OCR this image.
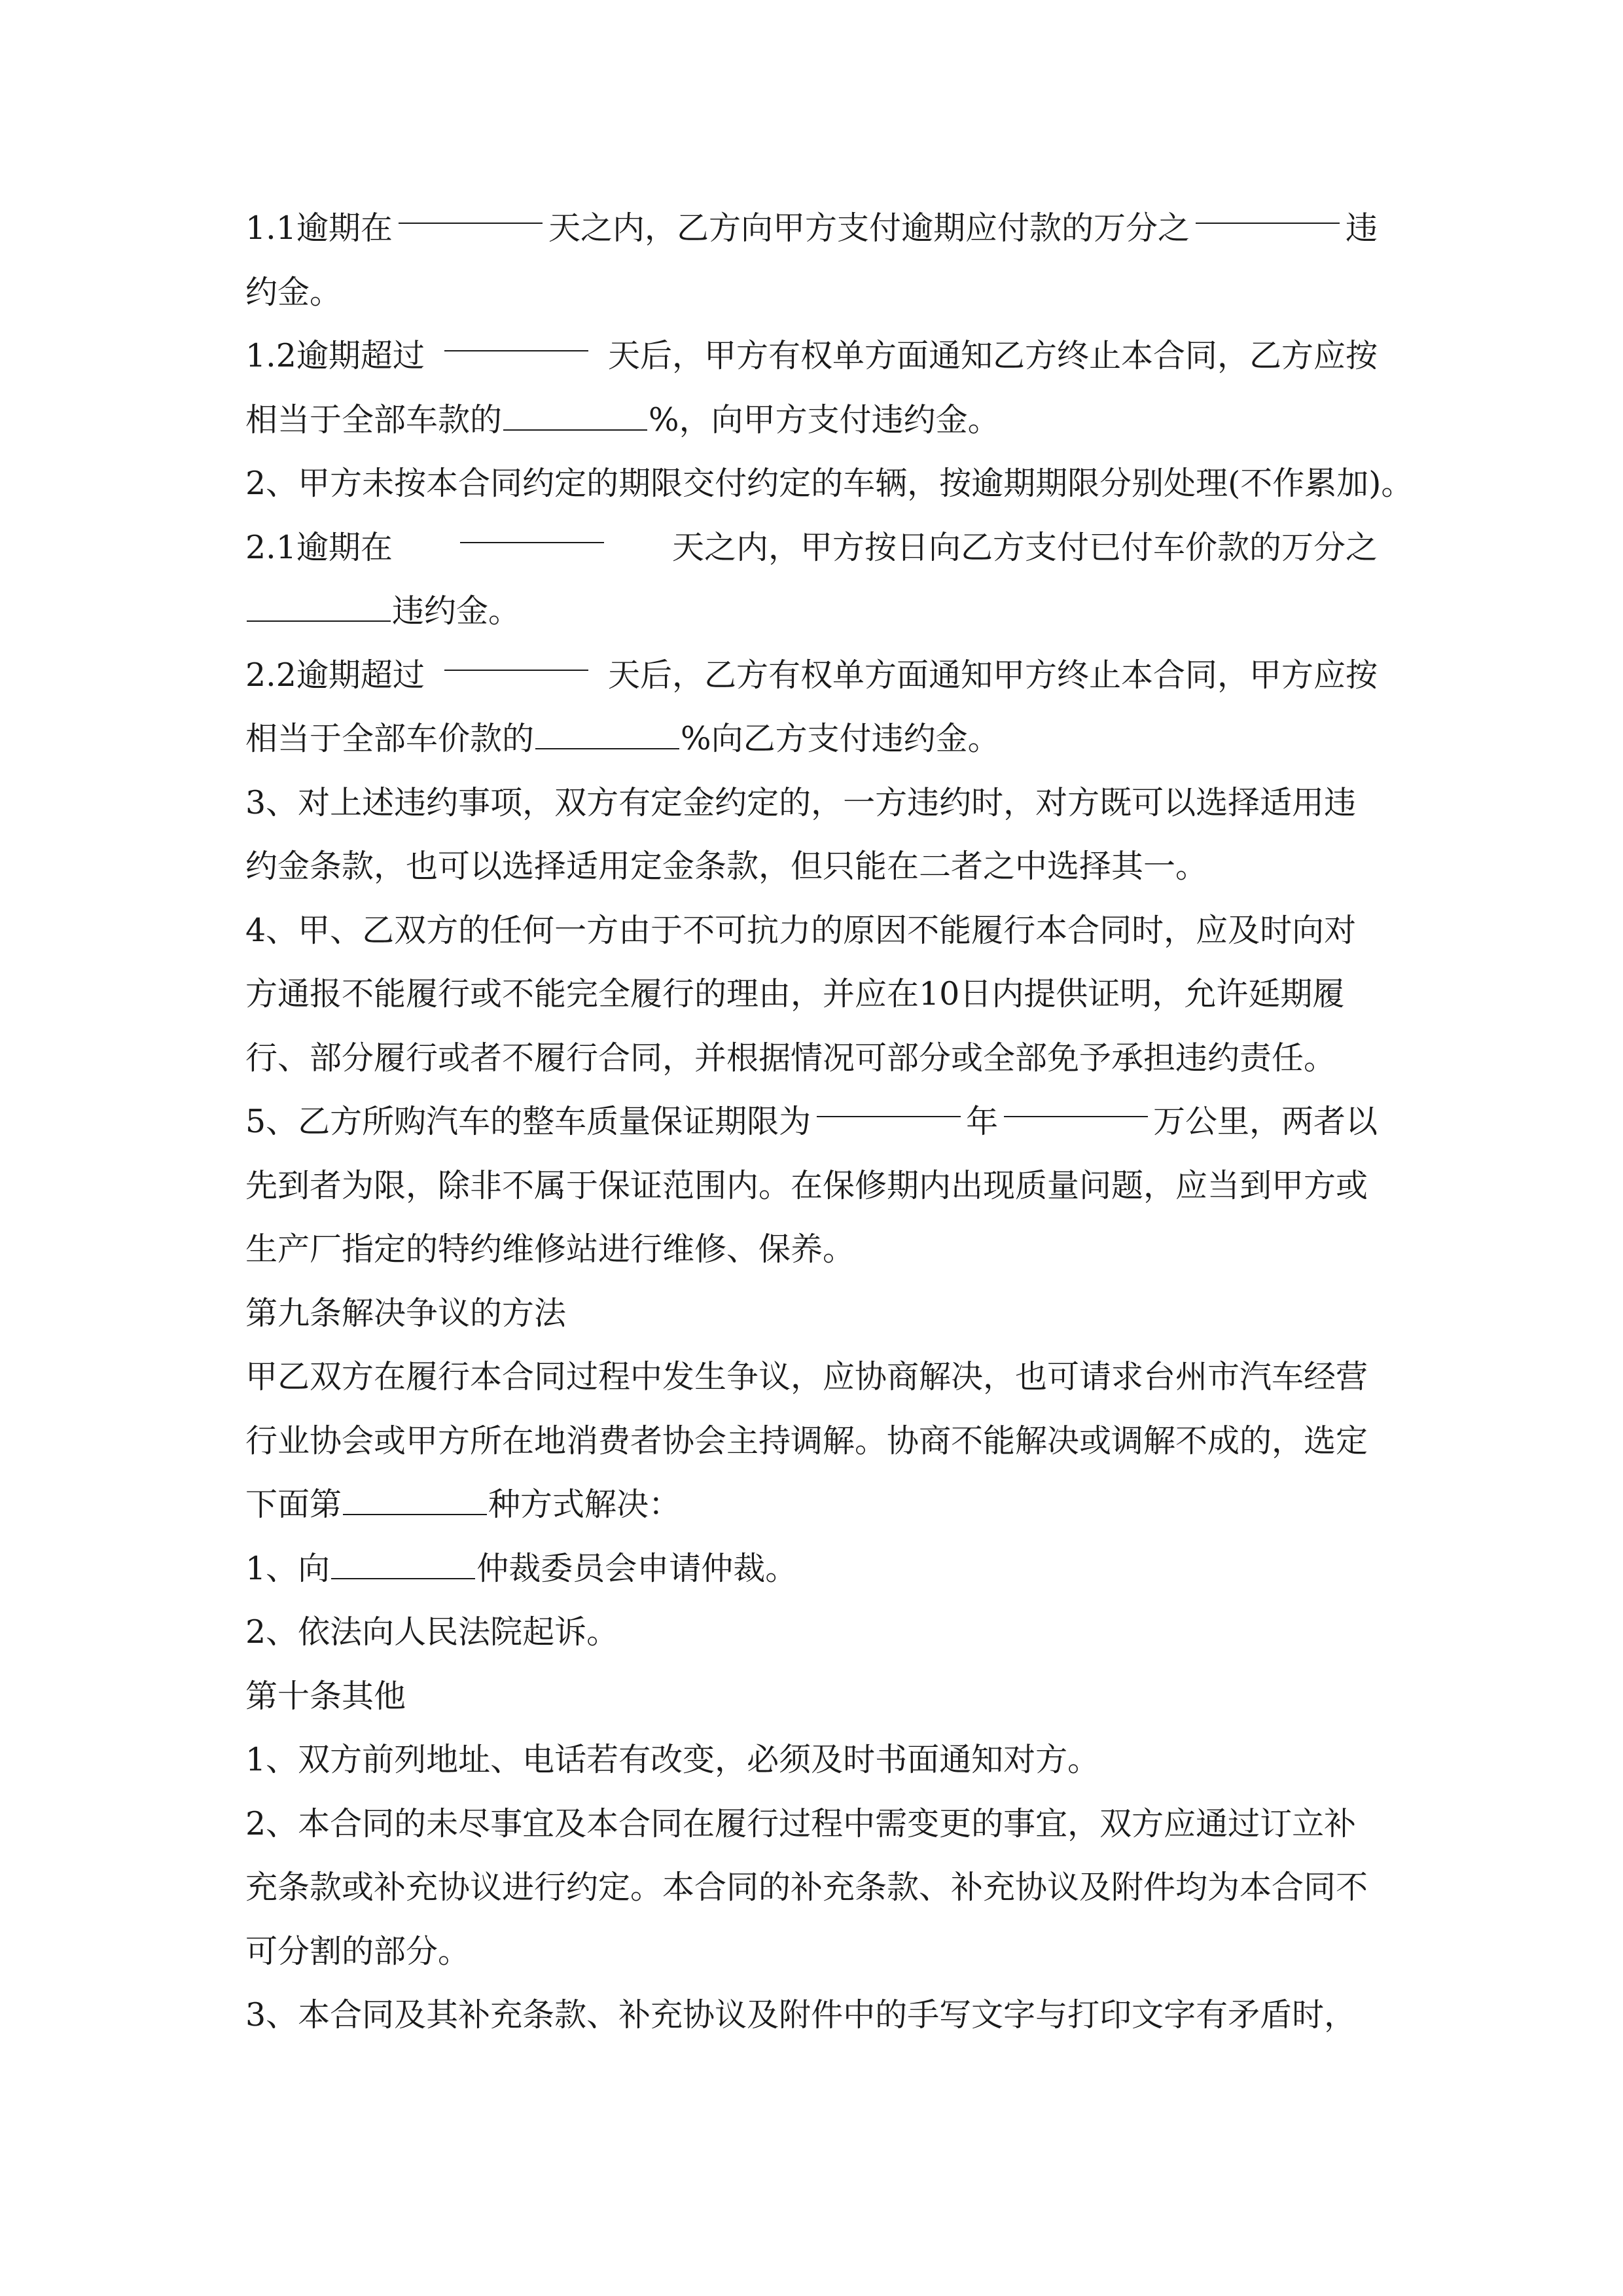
1.1逾期在	天之内，乙方向甲方支付逾期应付款的万分之	违
约金。
1.2逾期超过	天后，甲方有权单方面通知乙方终止本合同，乙方应按
相当于全部车款的	%，向甲方支付违约金。
2、甲方未按本合同约定的期限交付约定的车辆，按逾期期限分别处理(不作累加)。
2.1逾期在	天之内，甲方按日向乙方支付已付车价款的万分之
违约金。
2.2逾期超过	天后，乙方有权单方面通知甲方终止本合同，甲方应按
相当于全部车价款的	%向乙方支付违约金。
3、对上述违约事项，双方有定金约定的，一方违约时，对方既可以选择适用违
约金条款，也可以选择适用定金条款，但只能在二者之中选择其一。
4、甲、乙双方的任何一方由于不可抗力的原因不能履行本合同时，应及时向对
方通报不能履行或不能完全履行的理由，并应在10日内提供证明，允许延期履
行、部分履行或者不履行合同，并根据情况可部分或全部免予承担违约责任。
5、乙方所购汽车的整车质量保证期限为	年	万公里，两者以
先到者为限，除非不属于保证范围内。在保修期内出现质量问题，应当到甲方或
生产厂指定的特约维修站进行维修、保养。
第九条解决争议的方法
甲乙双方在履行本合同过程中发生争议，应协商解决，也可请求台州市汽车经营
行业协会或甲方所在地消费者协会主持调解。协商不能解决或调解不成的，选定
下面第	种方式解决：
1、向	仲裁委员会申请仲裁。
2、依法向人民法院起诉。
第十条其他
1、双方前列地址、电话若有改变，必须及时书面通知对方。
2、本合同的未尽事宜及本合同在履行过程中需变更的事宜，双方应通过订立补
充条款或补充协议进行约定。本合同的补充条款、补充协议及附件均为本合同不
可分割的部分。
3、本合同及其补充条款、补充协议及附件中的手写文字与打印文字有矛盾时，
